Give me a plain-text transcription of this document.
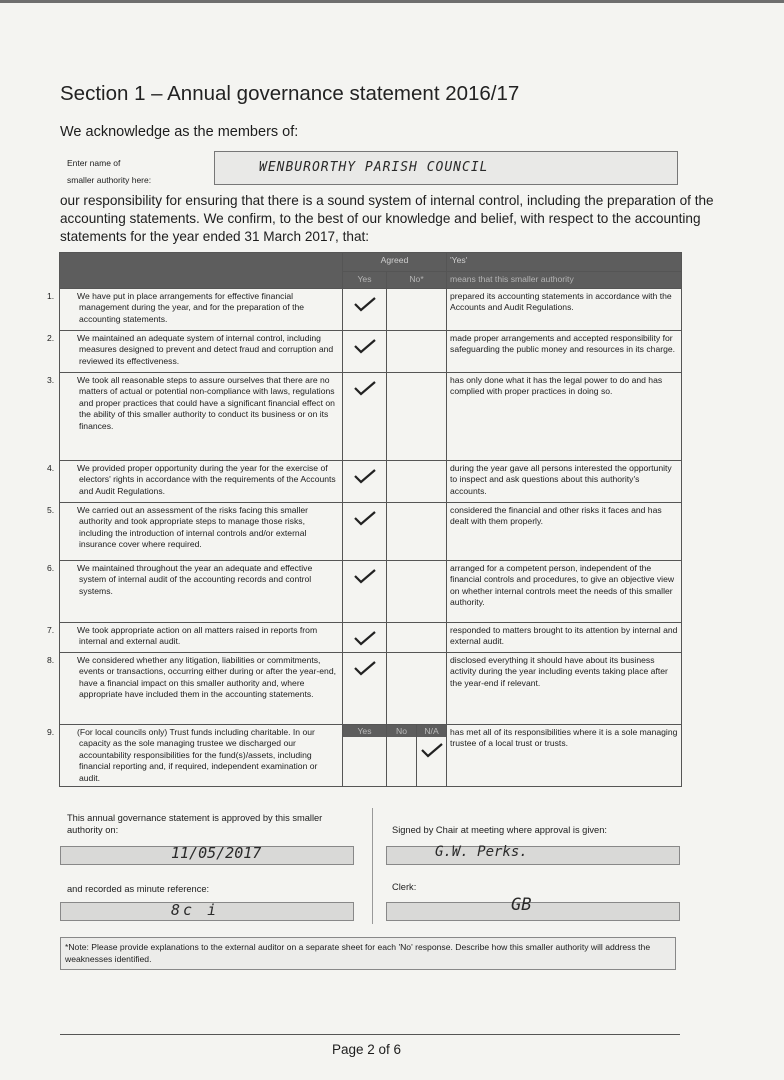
Section 1 – Annual governance statement 2016/17
We acknowledge as the members of:
Enter name of
smaller authority here:
WENBURORTHY PARISH COUNCIL
our responsibility for ensuring that there is a sound system of internal control, including the preparation of the accounting statements. We confirm, to the best of our knowledge and belief, with respect to the accounting statements for the year ended 31 March 2017, that:
	Agreed			'Yes'
	Yes	No*		means that this smaller authority

1. We have put in place arrangements for effective financial management during the year, and for the preparation of the accounting statements.				prepared its accounting statements in accordance with the Accounts and Audit Regulations.

2. We maintained an adequate system of internal control, including measures designed to prevent and detect fraud and corruption and reviewed its effectiveness.				made proper arrangements and accepted responsibility for safeguarding the public money and resources in its charge.

3. We took all reasonable steps to assure ourselves that there are no matters of actual or potential non-compliance with laws, regulations and proper practices that could have a significant financial effect on the ability of this smaller authority to conduct its business or on its finances.				has only done what it has the legal power to do and has complied with proper practices in doing so.

4. We provided proper opportunity during the year for the exercise of electors' rights in accordance with the requirements of the Accounts and Audit Regulations.				during the year gave all persons interested the opportunity to inspect and ask questions about this authority's accounts.

5. We carried out an assessment of the risks facing this smaller authority and took appropriate steps to manage those risks, including the introduction of internal controls and/or external insurance cover where required.				considered the financial and other risks it faces and has dealt with them properly.

6. We maintained throughout the year an adequate and effective system of internal audit of the accounting records and control systems.				arranged for a competent person, independent of the financial controls and procedures, to give an objective view on whether internal controls meet the needs of this smaller authority.

7. We took appropriate action on all matters raised in reports from internal and external audit.				responded to matters brought to its attention by internal and external audit.

8. We considered whether any litigation, liabilities or commitments, events or transactions, occurring either during or after the year-end, have a financial impact on this smaller authority and, where appropriate have included them in the accounting statements.				disclosed everything it should have about its business activity during the year including events taking place after the year-end if relevant.

9. (For local councils only) Trust funds including charitable. In our capacity as the sole managing trustee we discharged our accountability responsibilities for the fund(s)/assets, including financial reporting and, if required, independent examination or audit.	Yes	No	N/A	has met all of its responsibilities where it is a sole managing trustee of a local trust or trusts.
This annual governance statement is approved by this smaller authority on:	Signed by Chair at meeting where approval is given:
11/05/2017	G.W. Perks.
and recorded as minute reference:	Clerk:
8c i	GB
*Note: Please provide explanations to the external auditor on a separate sheet for each 'No' response. Describe how this smaller authority will address the weaknesses identified.
Page 2 of 6
